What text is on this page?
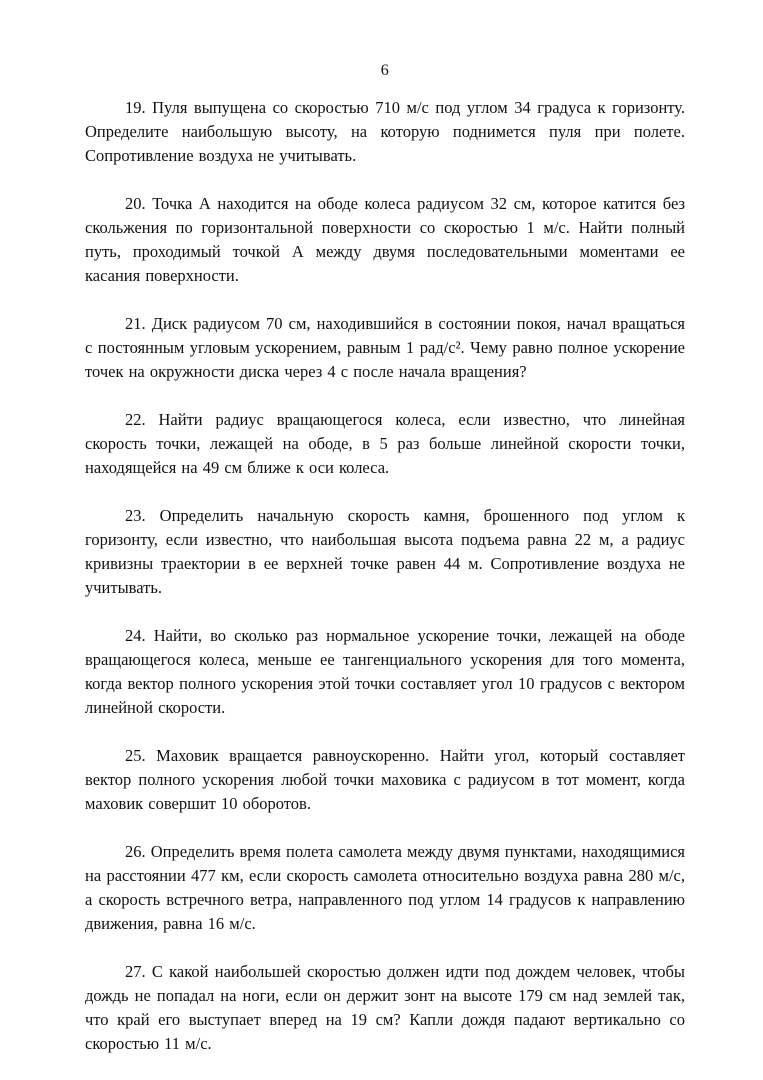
6

19. Пуля выпущена со скоростью 710 м/с под углом 34 градуса к горизонту. Определите наибольшую высоту, на которую поднимется пуля при полете. Сопротивление воздуха не учитывать.

20. Точка А находится на ободе колеса радиусом 32 см, которое катится без скольжения по горизонтальной поверхности со скоростью 1 м/с. Найти полный путь, проходимый точкой А между двумя последовательными моментами ее касания поверхности.

21. Диск радиусом 70 см, находившийся в состоянии покоя, начал вращаться с постоянным угловым ускорением, равным 1 рад/с². Чему равно полное ускорение точек на окружности диска через 4 с после начала вращения?

22. Найти радиус вращающегося колеса, если известно, что линейная скорость точки, лежащей на ободе, в 5 раз больше линейной скорости точки, находящейся на 49 см ближе к оси колеса.

23. Определить начальную скорость камня, брошенного под углом к горизонту, если известно, что наибольшая высота подъема равна 22 м, а радиус кривизны траектории в ее верхней точке равен 44 м. Сопротивление воздуха не учитывать.

24. Найти, во сколько раз нормальное ускорение точки, лежащей на ободе вращающегося колеса, меньше ее тангенциального ускорения для того момента, когда вектор полного ускорения этой точки составляет угол 10 градусов с вектором линейной скорости.

25. Маховик вращается равноускоренно. Найти угол, который составляет вектор полного ускорения любой точки маховика с радиусом в тот момент, когда маховик совершит 10 оборотов.

26. Определить время полета самолета между двумя пунктами, находящимися на расстоянии 477 км, если скорость самолета относительно воздуха равна 280 м/с, а скорость встречного ветра, направленного под углом 14 градусов к направлению движения, равна 16 м/с.

27. С какой наибольшей скоростью должен идти под дождем человек, чтобы дождь не попадал на ноги, если он держит зонт на высоте 179 см над землей так, что край его выступает вперед на 19 см? Капли дождя падают вертикально со скоростью 11 м/с.
